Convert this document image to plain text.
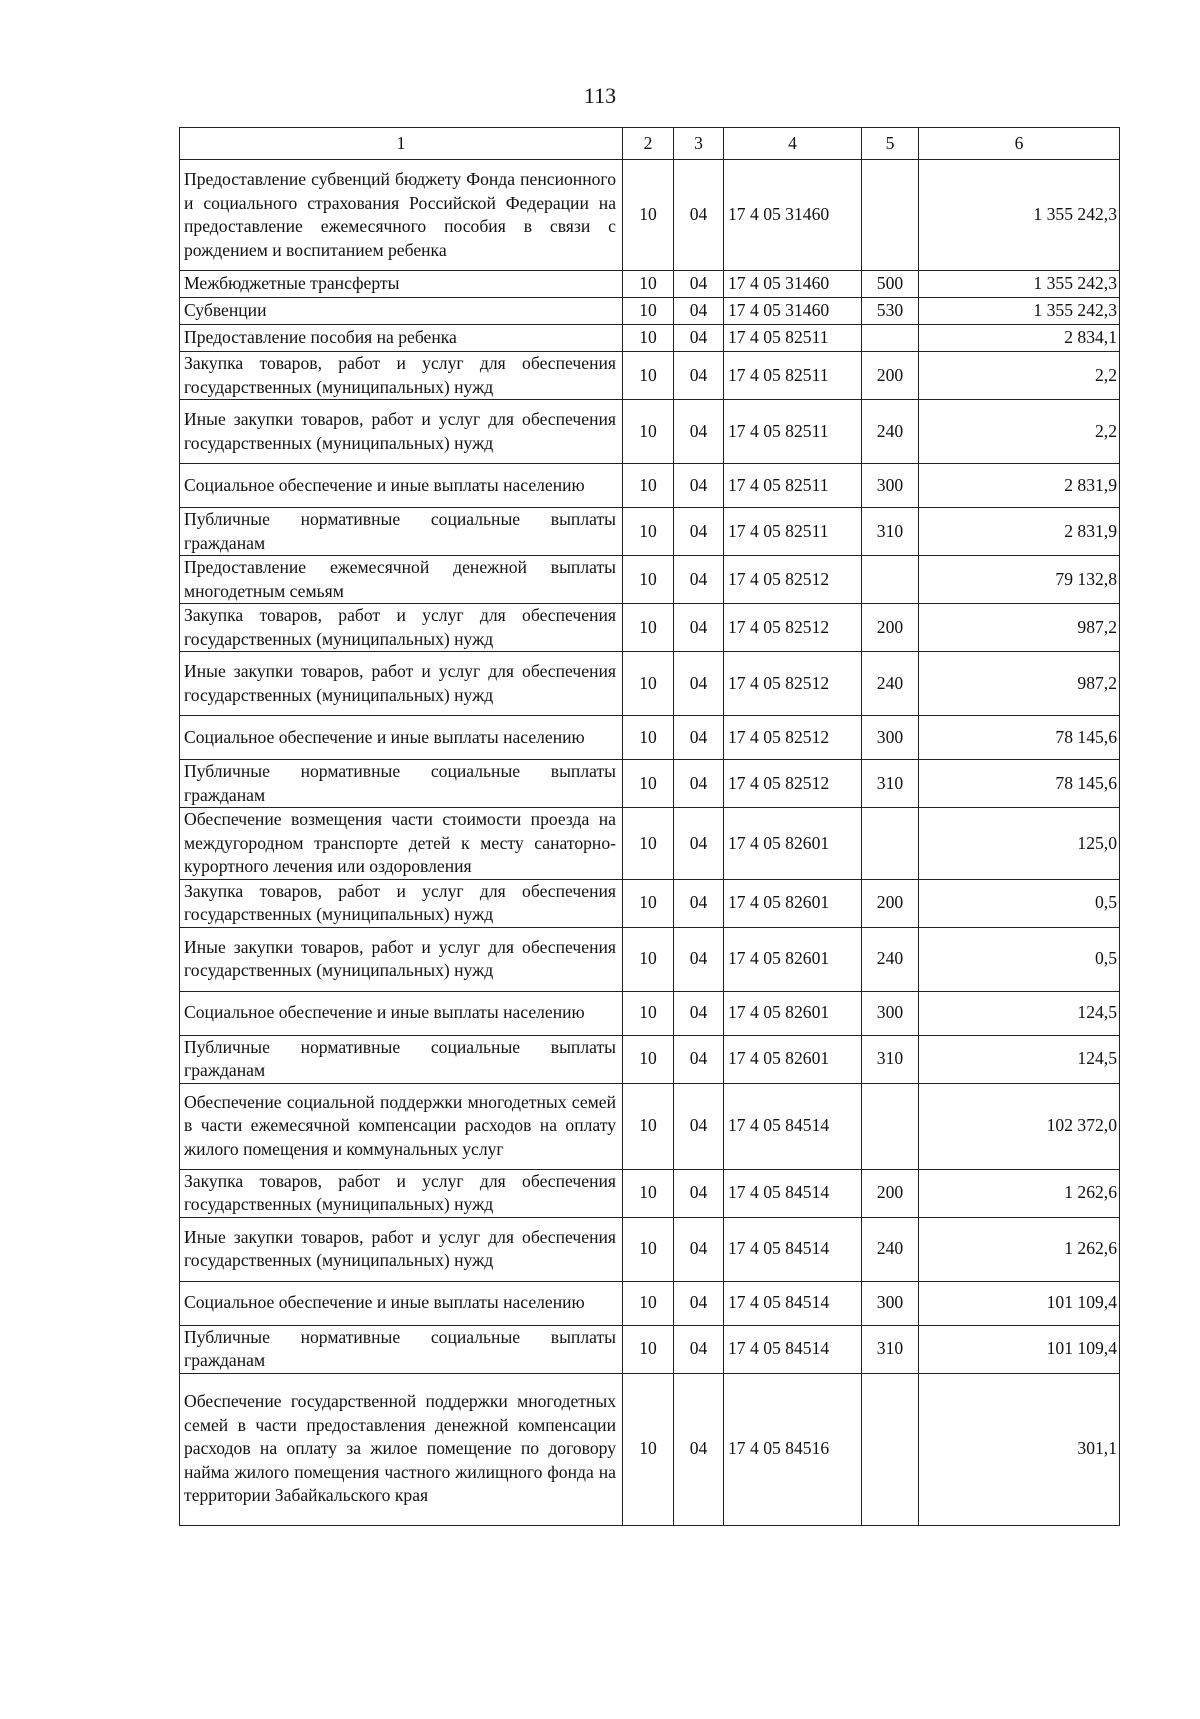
113
1	2	3	4	5	6
Предоставление субвенций бюджету Фонда пенсионного и социального страхования Российской Федерации на предоставление ежемесячного пособия в связи с рождением и воспитанием ребенка	10	04	17 4 05 31460		1 355 242,3
Межбюджетные трансферты	10	04	17 4 05 31460	500	1 355 242,3
Субвенции	10	04	17 4 05 31460	530	1 355 242,3
Предоставление пособия на ребенка	10	04	17 4 05 82511		2 834,1
Закупка товаров, работ и услуг для обеспечения государственных (муниципальных) нужд	10	04	17 4 05 82511	200	2,2
Иные закупки товаров, работ и услуг для обеспечения государственных (муниципальных) нужд	10	04	17 4 05 82511	240	2,2
Социальное обеспечение и иные выплаты населению	10	04	17 4 05 82511	300	2 831,9
Публичные нормативные социальные выплаты гражданам	10	04	17 4 05 82511	310	2 831,9
Предоставление ежемесячной денежной выплаты многодетным семьям	10	04	17 4 05 82512		79 132,8
Закупка товаров, работ и услуг для обеспечения государственных (муниципальных) нужд	10	04	17 4 05 82512	200	987,2
Иные закупки товаров, работ и услуг для обеспечения государственных (муниципальных) нужд	10	04	17 4 05 82512	240	987,2
Социальное обеспечение и иные выплаты населению	10	04	17 4 05 82512	300	78 145,6
Публичные нормативные социальные выплаты гражданам	10	04	17 4 05 82512	310	78 145,6
Обеспечение возмещения части стоимости проезда на междугородном транспорте детей к месту санаторно-курортного лечения или оздоровления	10	04	17 4 05 82601		125,0
Закупка товаров, работ и услуг для обеспечения государственных (муниципальных) нужд	10	04	17 4 05 82601	200	0,5
Иные закупки товаров, работ и услуг для обеспечения государственных (муниципальных) нужд	10	04	17 4 05 82601	240	0,5
Социальное обеспечение и иные выплаты населению	10	04	17 4 05 82601	300	124,5
Публичные нормативные социальные выплаты гражданам	10	04	17 4 05 82601	310	124,5
Обеспечение социальной поддержки многодетных семей в части ежемесячной компенсации расходов на оплату жилого помещения и коммунальных услуг	10	04	17 4 05 84514		102 372,0
Закупка товаров, работ и услуг для обеспечения государственных (муниципальных) нужд	10	04	17 4 05 84514	200	1 262,6
Иные закупки товаров, работ и услуг для обеспечения государственных (муниципальных) нужд	10	04	17 4 05 84514	240	1 262,6
Социальное обеспечение и иные выплаты населению	10	04	17 4 05 84514	300	101 109,4
Публичные нормативные социальные выплаты гражданам	10	04	17 4 05 84514	310	101 109,4
Обеспечение государственной поддержки многодетных семей в части предоставления денежной компенсации расходов на оплату за жилое помещение по договору найма жилого помещения частного жилищного фонда на территории Забайкальского края	10	04	17 4 05 84516		301,1
